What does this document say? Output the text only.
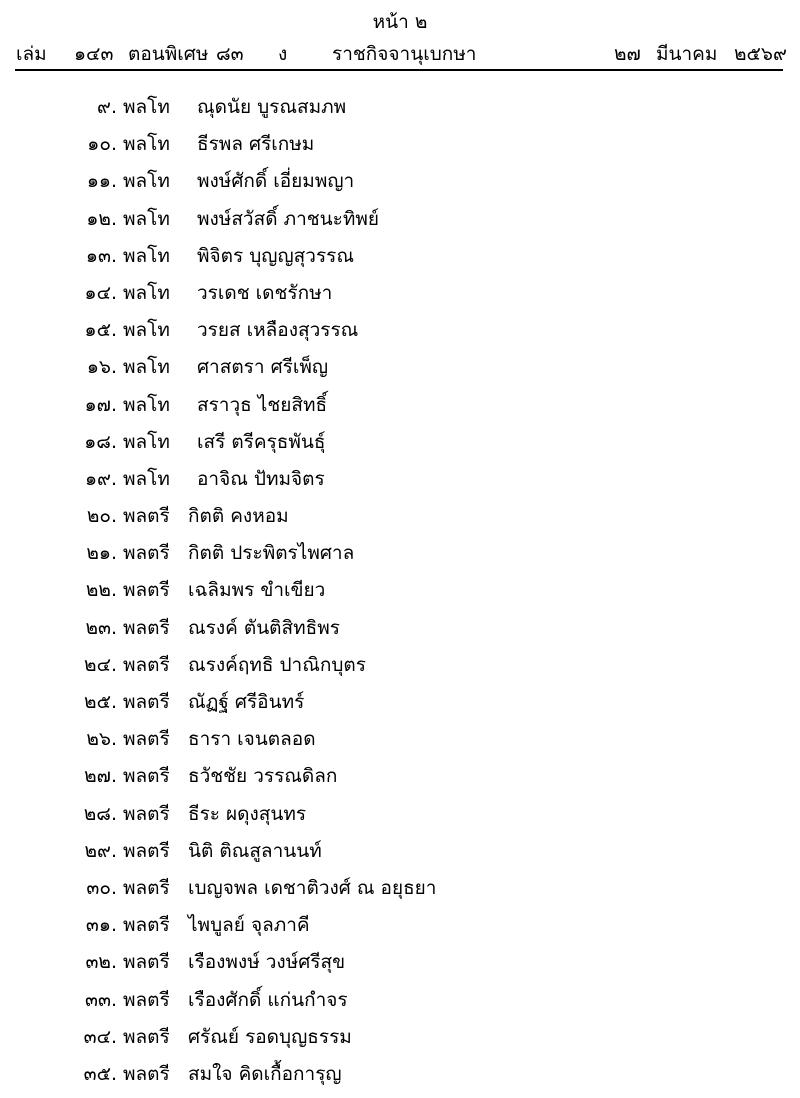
หน้า ๒
เล่ม ๑๔๓ ตอนพิเศษ ๘๓ ง ราชกิจจานุเบกษา	๒๗ มีนาคม ๒๕๖๙
๙. พลโท ณุดนัย บูรณสมภพ
๑๐. พลโท ธีรพล ศรีเกษม
๑๑. พลโท พงษ์ศักดิ์ เอี่ยมพญา
๑๒. พลโท พงษ์สวัสดิ์ ภาชนะทิพย์
๑๓. พลโท พิจิตร บุญญสุวรรณ
๑๔. พลโท วรเดช เดชรักษา
๑๕. พลโท วรยส เหลืองสุวรรณ
๑๖. พลโท ศาสตรา ศรีเพ็ญ
๑๗. พลโท สราวุธ ไชยสิทธิ์
๑๘. พลโท เสรี ตรีครุธพันธุ์
๑๙. พลโท อาจิณ ปัทมจิตร
๒๐. พลตรี กิตติ คงหอม
๒๑. พลตรี กิตติ ประพิตรไพศาล
๒๒. พลตรี เฉลิมพร ขำเขียว
๒๓. พลตรี ณรงค์ ตันติสิทธิพร
๒๔. พลตรี ณรงค์ฤทธิ ปาณิกบุตร
๒๕. พลตรี ณัฏฐ์ ศรีอินทร์
๒๖. พลตรี ธารา เจนตลอด
๒๗. พลตรี ธวัชชัย วรรณดิลก
๒๘. พลตรี ธีระ ผดุงสุนทร
๒๙. พลตรี นิติ ติณสูลานนท์
๓๐. พลตรี เบญจพล เดชาติวงศ์ ณ อยุธยา
๓๑. พลตรี ไพบูลย์ จุลภาคี
๓๒. พลตรี เรืองพงษ์ วงษ์ศรีสุข
๓๓. พลตรี เรืองศักดิ์ แก่นกำจร
๓๔. พลตรี ศรัณย์ รอดบุญธรรม
๓๕. พลตรี สมใจ คิดเกื้อการุญ
